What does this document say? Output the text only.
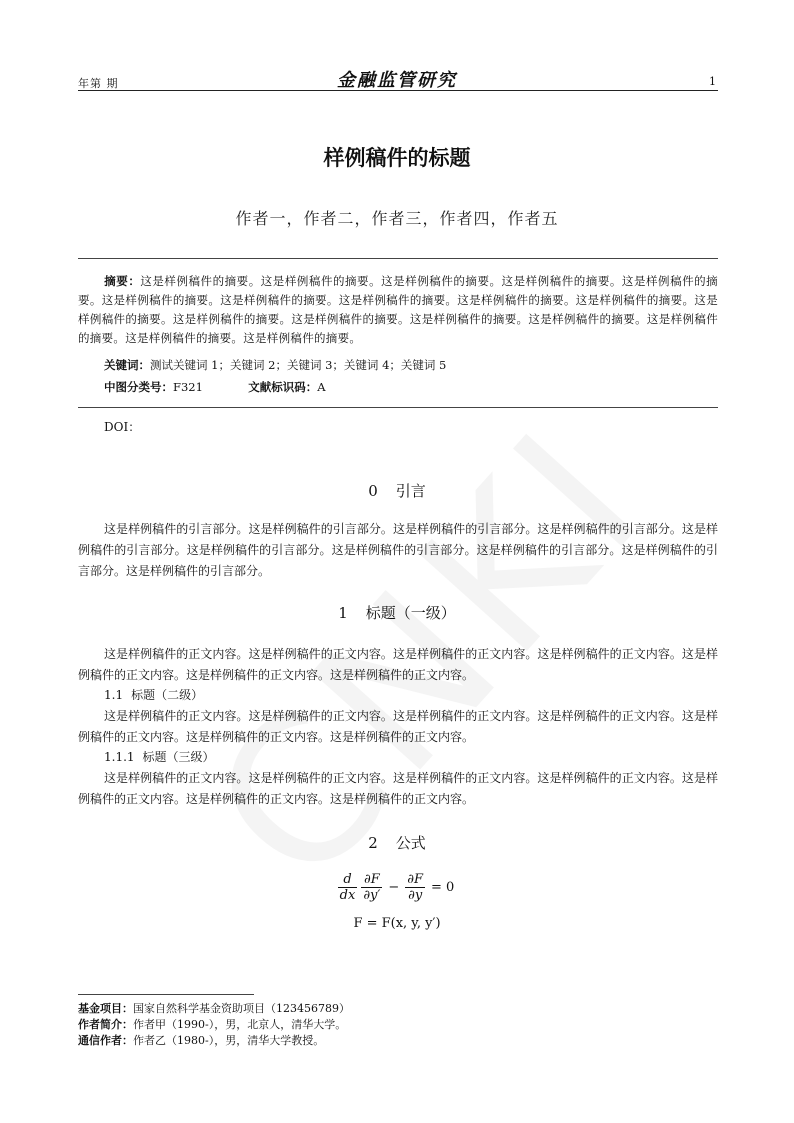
年第 期	金融监管研究	1
样例稿件的标题
作者一，作者二，作者三，作者四，作者五
摘要：这是样例稿件的摘要。这是样例稿件的摘要。这是样例稿件的摘要。这是样例稿件的摘要。这是样例稿件的摘要。这是样例稿件的摘要。这是样例稿件的摘要。这是样例稿件的摘要。这是样例稿件的摘要。这是样例稿件的摘要。这是样例稿件的摘要。这是样例稿件的摘要。这是样例稿件的摘要。这是样例稿件的摘要。这是样例稿件的摘要。这是样例稿件的摘要。这是样例稿件的摘要。这是样例稿件的摘要。
关键词：测试关键词 1；关键词 2；关键词 3；关键词 4；关键词 5
中图分类号：F321	文献标识码：A
DOI：
0 引言
这是样例稿件的引言部分。这是样例稿件的引言部分。这是样例稿件的引言部分。这是样例稿件的引言部分。这是样例稿件的引言部分。这是样例稿件的引言部分。这是样例稿件的引言部分。这是样例稿件的引言部分。这是样例稿件的引言部分。这是样例稿件的引言部分。
1 标题（一级）
这是样例稿件的正文内容。这是样例稿件的正文内容。这是样例稿件的正文内容。这是样例稿件的正文内容。这是样例稿件的正文内容。这是样例稿件的正文内容。这是样例稿件的正文内容。
1.1 标题（二级）
这是样例稿件的正文内容。这是样例稿件的正文内容。这是样例稿件的正文内容。这是样例稿件的正文内容。这是样例稿件的正文内容。这是样例稿件的正文内容。这是样例稿件的正文内容。
1.1.1 标题（三级）
这是样例稿件的正文内容。这是样例稿件的正文内容。这是样例稿件的正文内容。这是样例稿件的正文内容。这是样例稿件的正文内容。这是样例稿件的正文内容。这是样例稿件的正文内容。
2 公式
$\frac{d}{dx} \frac{\partial F}{\partial y'} - \frac{\partial F}{\partial y} = 0$
F = F(x, y, y′)
基金项目：国家自然科学基金资助项目（123456789）
作者简介：作者甲（1990-），男，北京人，清华大学。
通信作者：作者乙（1980-），男，清华大学教授。
